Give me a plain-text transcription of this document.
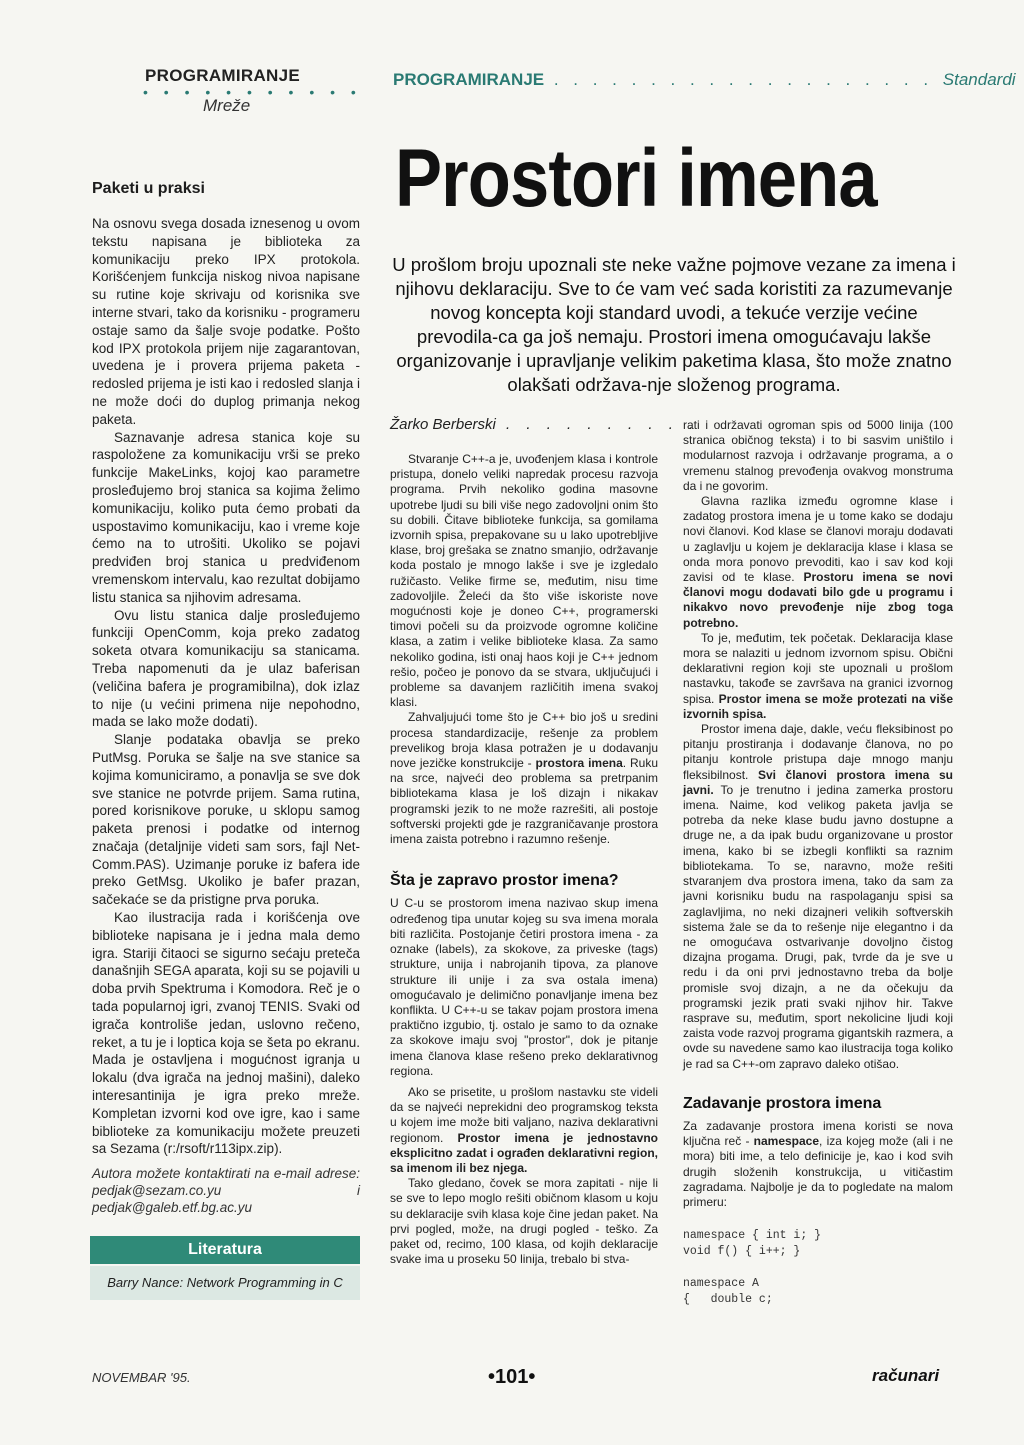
PROGRAMIRANJE
• • • • • • • • • • •
Mreže
PROGRAMIRANJE . . . . . . . . . . . . . . . . . . . . Standardi
Prostori imena
U prošlom broju upoznali ste neke važne pojmove vezane za imena i njihovu deklaraciju. Sve to će vam već sada koristiti za razumevanje novog koncepta koji standard uvodi, a tekuće verzije većine prevodila-ca ga još nemaju. Prostori imena omogućavaju lakše organizovanje i upravljanje velikim paketima klasa, što može znatno olakšati održava-nje složenog programa.
Paketi u praksi

Na osnovu svega dosada iznesenog u ovom tekstu napisana je biblioteka za komunikaciju preko IPX protokola. Korišćenjem funkcija niskog nivoa napisane su rutine koje skrivaju od korisnika sve interne stvari, tako da korisniku - programeru ostaje samo da šalje svoje podatke. Pošto kod IPX protokola prijem nije zagarantovan, uvedena je i provera prijema paketa - redosled prijema je isti kao i redosled slanja i ne može doći do duplog primanja nekog paketa.

Saznavanje adresa stanica koje su raspoložene za komunikaciju vrši se preko funkcije MakeLinks, kojoj kao parametre prosleđujemo broj stanica sa kojima želimo komunikaciju, koliko puta ćemo probati da uspostavimo komunikaciju, kao i vreme koje ćemo na to utrošiti. Ukoliko se pojavi predviđen broj stanica u predviđenom vremenskom intervalu, kao rezultat dobijamo listu stanica sa njihovim adresama.

Ovu listu stanica dalje prosleđujemo funkciji OpenComm, koja preko zadatog soketa otvara komunikaciju sa stanicama. Treba napomenuti da je ulaz baferisan (veličina bafera je programibilna), dok izlaz to nije (u većini primena nije nepohodno, mada se lako može dodati).

Slanje podataka obavlja se preko PutMsg. Poruka se šalje na sve stanice sa kojima komuniciramo, a ponavlja se sve dok sve stanice ne potvrde prijem. Sama rutina, pored korisnikove poruke, u sklopu samog paketa prenosi i podatke od internog značaja (detaljnije videti sam sors, fajl Net-Comm.PAS). Uzimanje poruke iz bafera ide preko GetMsg. Ukoliko je bafer prazan, sačekaće se da pristigne prva poruka.

Kao ilustracija rada i korišćenja ove biblioteke napisana je i jedna mala demo igra. Stariji čitaoci se sigurno sećaju preteča današnjih SEGA aparata, koji su se pojavili u doba prvih Spektruma i Komodora. Reč je o tada popularnoj igri, zvanoj TENIS. Svaki od igrača kontroliše jedan, uslovno rečeno, reket, a tu je i loptica koja se šeta po ekranu. Mada je ostavljena i mogućnost igranja u lokalu (dva igrača na jednoj mašini), daleko interesantinija je igra preko mreže. Kompletan izvorni kod ove igre, kao i same biblioteke za komunikaciju možete preuzeti sa Sezama (r:/rsoft/r113ipx.zip).

Autora možete kontaktirati na e-mail adrese: pedjak@sezam.co.yu i pedjak@galeb.etf.bg.ac.yu
Literatura
Barry Nance: Network Programming in C
Žarko Berberski . . . . . . . . . .

Stvaranje C++-a je, uvođenjem klasa i kontrole pristupa, donelo veliki napredak procesu razvoja programa. Prvih nekoliko godina masovne upotrebe ljudi su bili više nego zadovoljni onim što su dobili. Čitave biblioteke funkcija, sa gomilama izvornih spisa, prepakovane su u lako upotrebljive klase, broj grešaka se znatno smanjio, održavanje koda postalo je mnogo lakše i sve je izgledalo ružičasto. Velike firme se, međutim, nisu time zadovoljile. Želeći da što više iskoriste nove mogućnosti koje je doneo C++, programerski timovi počeli su da proizvode ogromne količine klasa, a zatim i velike biblioteke klasa. Za samo nekoliko godina, isti onaj haos koji je C++ jednom rešio, počeo je ponovo da se stvara, uključujući i probleme sa davanjem različitih imena svakoj klasi.

Zahvaljujući tome što je C++ bio još u sredini procesa standardizacije, rešenje za problem prevelikog broja klasa potražen je u dodavanju nove jezičke konstrukcije - prostora imena. Ruku na srce, najveći deo problema sa pretrpanim bibliotekama klasa je loš dizajn i nikakav programski jezik to ne može razrešiti, ali postoje softverski projekti gde je razgraničavanje prostora imena zaista potrebno i razumno rešenje.

Šta je zapravo prostor imena?

U C-u se prostorom imena nazivao skup imena određenog tipa unutar kojeg su sva imena morala biti različita. Postojanje četiri prostora imena - za oznake (labels), za skokove, za priveske (tags) strukture, unija i nabrojanih tipova, za planove strukture ili unije i za sva ostala imena) omogućavalo je delimično ponavljanje imena bez konflikta. U C++-u se takav pojam prostora imena praktično izgubio, tj. ostalo je samo to da oznake za skokove imaju svoj "prostor", dok je pitanje imena članova klase rešeno preko deklarativnog regiona.

Ako se prisetite, u prošlom nastavku ste videli da se najveći neprekidni deo programskog teksta u kojem ime može biti valjano, naziva deklarativni regionom. Prostor imena je jednostavno eksplicitno zadat i ograđen deklarativni region, sa imenom ili bez njega.

Tako gledano, čovek se mora zapitati - nije li se sve to lepo moglo rešiti običnom klasom u koju su deklaracije svih klasa koje čine jedan paket. Na prvi pogled, može, na drugi pogled - teško. Za paket od, recimo, 100 klasa, od kojih deklaracije svake ima u proseku 50 linija, trebalo bi stva-

rati i održavati ogroman spis od 5000 linija (100 stranica običnog teksta) i to bi sasvim uništilo i modularnost razvoja i održavanje programa, a o vremenu stalnog prevođenja ovakvog monstruma da i ne govorim.

Glavna razlika između ogromne klase i zadatog prostora imena je u tome kako se dodaju novi članovi. Kod klase se članovi moraju dodavati u zaglavlju u kojem je deklaracija klase i klasa se onda mora ponovo prevoditi, kao i sav kod koji zavisi od te klase. Prostoru imena se novi članovi mogu dodavati bilo gde u programu i nikakvo novo prevođenje nije zbog toga potrebno.

To je, međutim, tek početak. Deklaracija klase mora se nalaziti u jednom izvornom spisu. Obični deklarativni region koji ste upoznali u prošlom nastavku, takođe se završava na granici izvornog spisa. Prostor imena se može protezati na više izvornih spisa.

Prostor imena daje, dakle, veću fleksibinost po pitanju prostiranja i dodavanje članova, no po pitanju kontrole pristupa daje mnogo manju fleksibilnost. Svi članovi prostora imena su javni. To je trenutno i jedina zamerka prostoru imena. Naime, kod velikog paketa javlja se potreba da neke klase budu javno dostupne a druge ne, a da ipak budu organizovane u prostor imena, kako bi se izbegli konflikti sa raznim bibliotekama. To se, naravno, može rešiti stvaranjem dva prostora imena, tako da sam za javni korisniku budu na raspolaganju spisi sa zaglavljima, no neki dizajneri velikih softverskih sistema žale se da to rešenje nije elegantno i da ne omogućava ostvarivanje dovoljno čistog dizajna progama. Drugi, pak, tvrde da je sve u redu i da oni prvi jednostavno treba da bolje promisle svoj dizajn, a ne da očekuju da programski jezik prati svaki njihov hir. Takve rasprave su, međutim, sport nekolicine ljudi koji zaista vode razvoj programa gigantskih razmera, a ovde su navedene samo kao ilustracija toga koliko je rad sa C++-om zapravo daleko otišao.

Zadavanje prostora imena

Za zadavanje prostora imena koristi se nova ključna reč - namespace, iza kojeg može (ali i ne mora) biti ime, a telo definicije je, kao i kod svih drugih složenih konstrukcija, u vitičastim zagradama. Najbolje je da to pogledate na malom primeru:

namespace { int i; }
void f() { i++; }

namespace A
{   double c;
NOVEMBAR '95.	•101•	računari
